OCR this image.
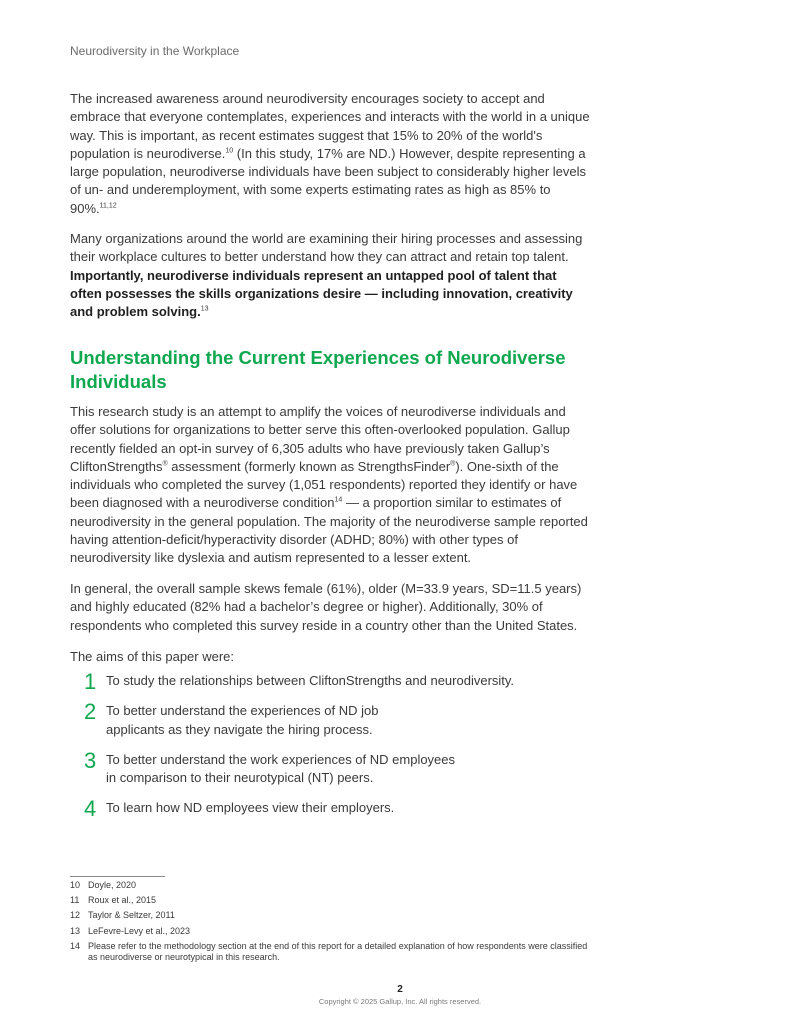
Neurodiversity in the Workplace

The increased awareness around neurodiversity encourages society to accept and embrace that everyone contemplates, experiences and interacts with the world in a unique way. This is important, as recent estimates suggest that 15% to 20% of the world's population is neurodiverse.$^{10}$ (In this study, 17% are ND.) However, despite representing a large population, neurodiverse individuals have been subject to considerably higher levels of un- and underemployment, with some experts estimating rates as high as 85% to 90%.$^{11,12}$

Many organizations around the world are examining their hiring processes and assessing their workplace cultures to better understand how they can attract and retain top talent. Importantly, neurodiverse individuals represent an untapped pool of talent that often possesses the skills organizations desire — including innovation, creativity and problem solving.$^{13}$

Understanding the Current Experiences of Neurodiverse Individuals

This research study is an attempt to amplify the voices of neurodiverse individuals and offer solutions for organizations to better serve this often-overlooked population. Gallup recently fielded an opt-in survey of 6,305 adults who have previously taken Gallup’s CliftonStrengths® assessment (formerly known as StrengthsFinder®). One-sixth of the individuals who completed the survey (1,051 respondents) reported they identify or have been diagnosed with a neurodiverse condition$^{14}$ — a proportion similar to estimates of neurodiversity in the general population. The majority of the neurodiverse sample reported having attention-deficit/hyperactivity disorder (ADHD; 80%) with other types of neurodiversity like dyslexia and autism represented to a lesser extent.

In general, the overall sample skews female (61%), older (M=33.9 years, SD=11.5 years) and highly educated (82% had a bachelor’s degree or higher). Additionally, 30% of respondents who completed this survey reside in a country other than the United States.

The aims of this paper were:

1 To study the relationships between CliftonStrengths and neurodiversity.
2 To better understand the experiences of ND job
applicants as they navigate the hiring process.
3 To better understand the work experiences of ND employees
in comparison to their neurotypical (NT) peers.
4 To learn how ND employees view their employers.
10 Doyle, 2020
11 Roux et al., 2015
12 Taylor & Seltzer, 2011
13 LeFevre-Levy et al., 2023
14 Please refer to the methodology section at the end of this report for a detailed explanation of how respondents were classified as neurodiverse or neurotypical in this research.
2
Copyright © 2025 Gallup, Inc. All rights reserved.
